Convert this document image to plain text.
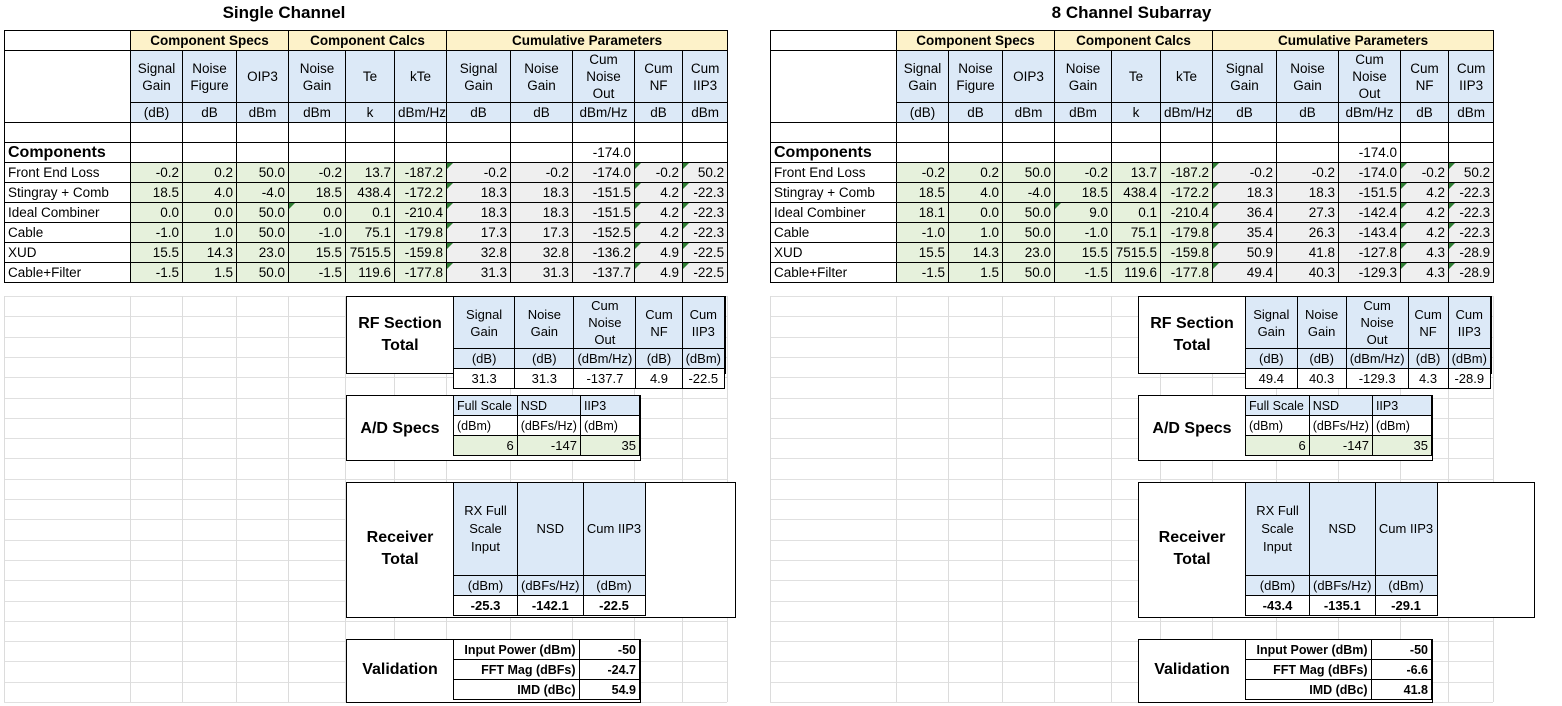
Single Channel
	Component Specs			Component Calcs			Cumulative Parameters				
	Signal Gain	Noise Figure	OIP3	Noise Gain	Te	kTe	Signal Gain	Noise Gain	Cum Noise Out	Cum NF	Cum IIP3
	(dB)	dB	dBm	dBm	k	dBm/Hz	dB	dB	dBm/Hz	dB	dBm

Components									-174.0		
Front End Loss	-0.2	0.2	50.0	-0.2	13.7	-187.2	-0.2	-0.2	-174.0	-0.2	50.2
Stingray + Comb	18.5	4.0	-4.0	18.5	438.4	-172.2	18.3	18.3	-151.5	4.2	-22.3
Ideal Combiner	0.0	0.0	50.0	0.0	0.1	-210.4	18.3	18.3	-151.5	4.2	-22.3
Cable	-1.0	1.0	50.0	-1.0	75.1	-179.8	17.3	17.3	-152.5	4.2	-22.3
XUD	15.5	14.3	23.0	15.5	7515.5	-159.8	32.8	32.8	-136.2	4.9	-22.5
Cable+Filter	-1.5	1.5	50.0	-1.5	119.6	-177.8	31.3	31.3	-137.7	4.9	-22.5
RF Section
Total
Signal Gain	Noise Gain	Cum Noise Out	Cum NF	Cum IIP3
(dB)	(dB)	(dBm/Hz)	(dB)	(dBm)
31.3	31.3	-137.7	4.9	-22.5
A/D Specs
Full Scale	NSD	IIP3
(dBm)	(dBFs/Hz)	(dBm)
6	-147	35
Receiver
Total
RX Full Scale Input	NSD	Cum IIP3
(dBm)	(dBFs/Hz)	(dBm)
-25.3	-142.1	-22.5
Validation
Input Power (dBm)	-50
FFT Mag (dBFs)	-24.7
IMD (dBc)	54.9
8 Channel Subarray
	Component Specs			Component Calcs			Cumulative Parameters				
	Signal Gain	Noise Figure	OIP3	Noise Gain	Te	kTe	Signal Gain	Noise Gain	Cum Noise Out	Cum NF	Cum IIP3
	(dB)	dB	dBm	dBm	k	dBm/Hz	dB	dB	dBm/Hz	dB	dBm

Components									-174.0		
Front End Loss	-0.2	0.2	50.0	-0.2	13.7	-187.2	-0.2	-0.2	-174.0	-0.2	50.2
Stingray + Comb	18.5	4.0	-4.0	18.5	438.4	-172.2	18.3	18.3	-151.5	4.2	-22.3
Ideal Combiner	18.1	0.0	50.0	9.0	0.1	-210.4	36.4	27.3	-142.4	4.2	-22.3
Cable	-1.0	1.0	50.0	-1.0	75.1	-179.8	35.4	26.3	-143.4	4.2	-22.3
XUD	15.5	14.3	23.0	15.5	7515.5	-159.8	50.9	41.8	-127.8	4.3	-28.9
Cable+Filter	-1.5	1.5	50.0	-1.5	119.6	-177.8	49.4	40.3	-129.3	4.3	-28.9
RF Section
Total
Signal Gain	Noise Gain	Cum Noise Out	Cum NF	Cum IIP3
(dB)	(dB)	(dBm/Hz)	(dB)	(dBm)
49.4	40.3	-129.3	4.3	-28.9
A/D Specs
Full Scale	NSD	IIP3
(dBm)	(dBFs/Hz)	(dBm)
6	-147	35
Receiver
Total
RX Full Scale Input	NSD	Cum IIP3
(dBm)	(dBFs/Hz)	(dBm)
-43.4	-135.1	-29.1
Validation
Input Power (dBm)	-50
FFT Mag (dBFs)	-6.6
IMD (dBc)	41.8
